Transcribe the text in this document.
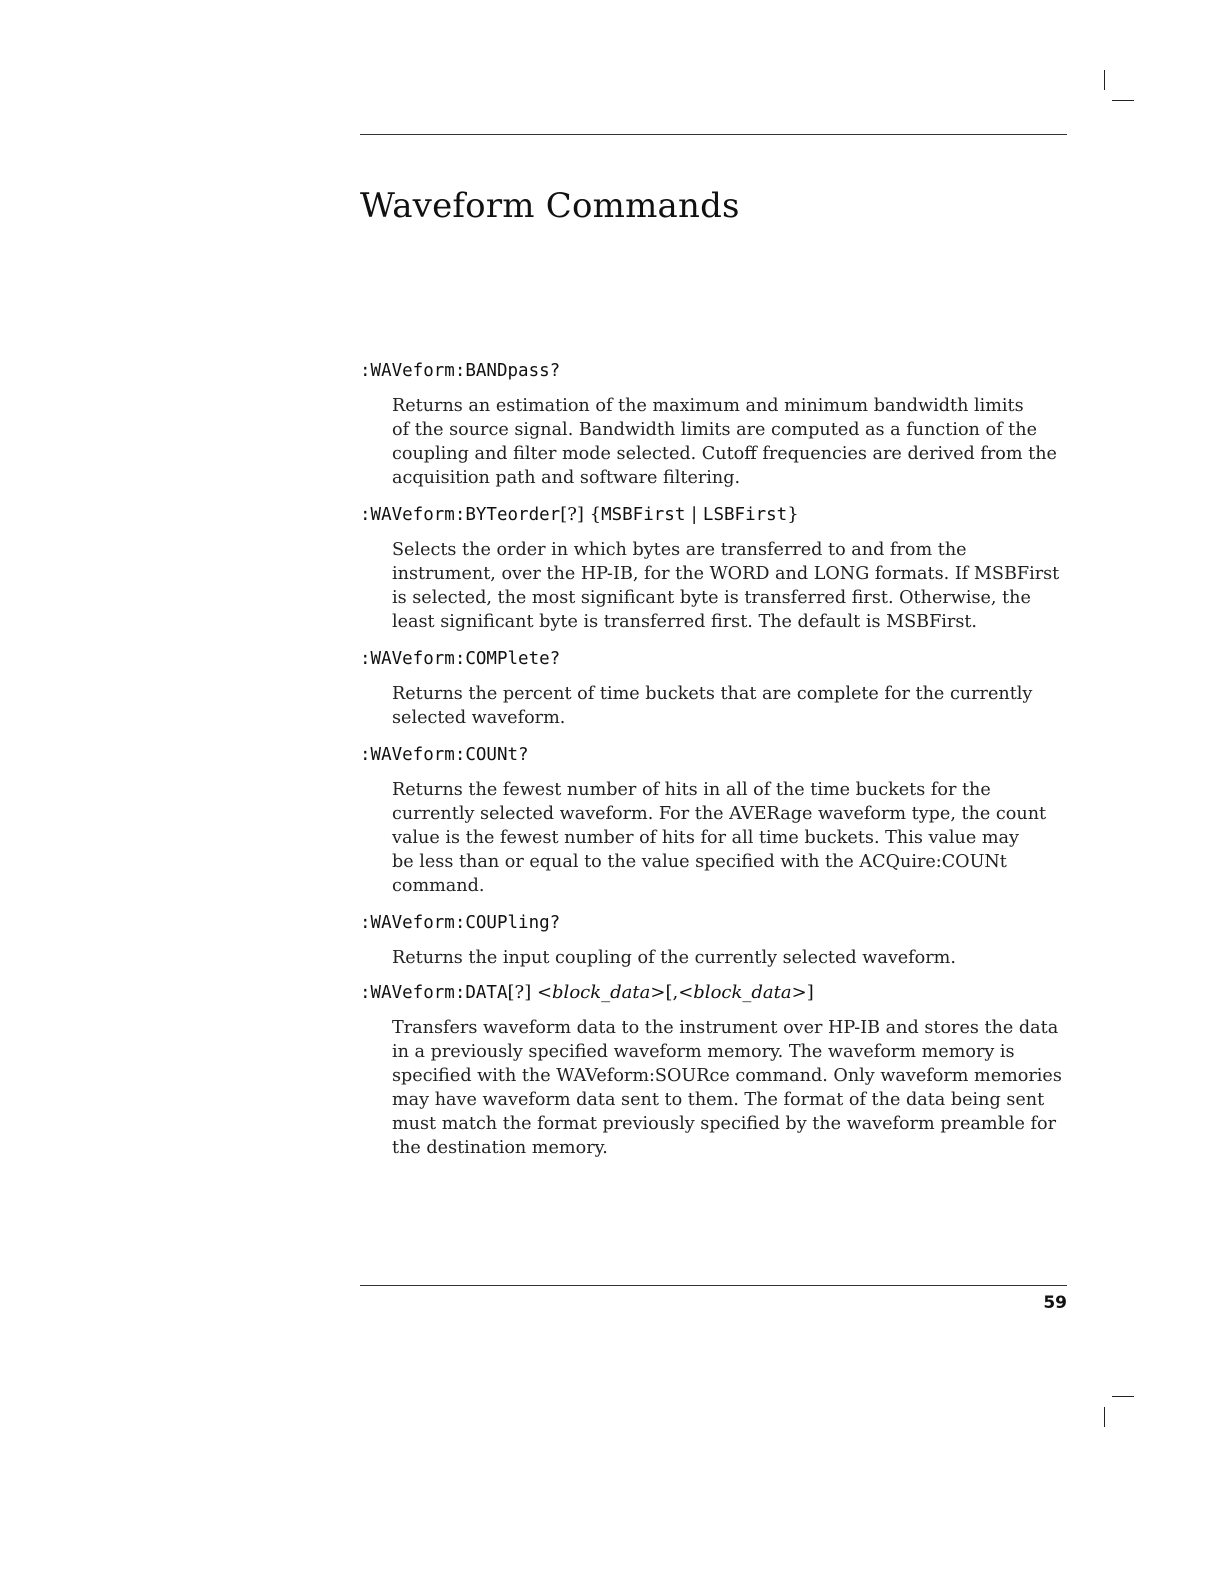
Waveform Commands
:WAVeform:BANDpass?

Returns an estimation of the maximum and minimum bandwidth limits
of the source signal. Bandwidth limits are computed as a function of the
coupling and filter mode selected. Cutoff frequencies are derived from the
acquisition path and software filtering.

:WAVeform:BYTeorder[?] {MSBFirst | LSBFirst}

Selects the order in which bytes are transferred to and from the
instrument, over the HP-IB, for the WORD and LONG formats. If MSBFirst
is selected, the most significant byte is transferred first. Otherwise, the
least significant byte is transferred first. The default is MSBFirst.

:WAVeform:COMPlete?

Returns the percent of time buckets that are complete for the currently
selected waveform.

:WAVeform:COUNt?

Returns the fewest number of hits in all of the time buckets for the
currently selected waveform. For the AVERage waveform type, the count
value is the fewest number of hits for all time buckets. This value may
be less than or equal to the value specified with the ACQuire:COUNt
command.

:WAVeform:COUPling?

Returns the input coupling of the currently selected waveform.

:WAVeform:DATA[?] <block_data>[,<block_data>]

Transfers waveform data to the instrument over HP-IB and stores the data
in a previously specified waveform memory. The waveform memory is
specified with the WAVeform:SOURce command. Only waveform memories
may have waveform data sent to them. The format of the data being sent
must match the format previously specified by the waveform preamble for
the destination memory.

59
